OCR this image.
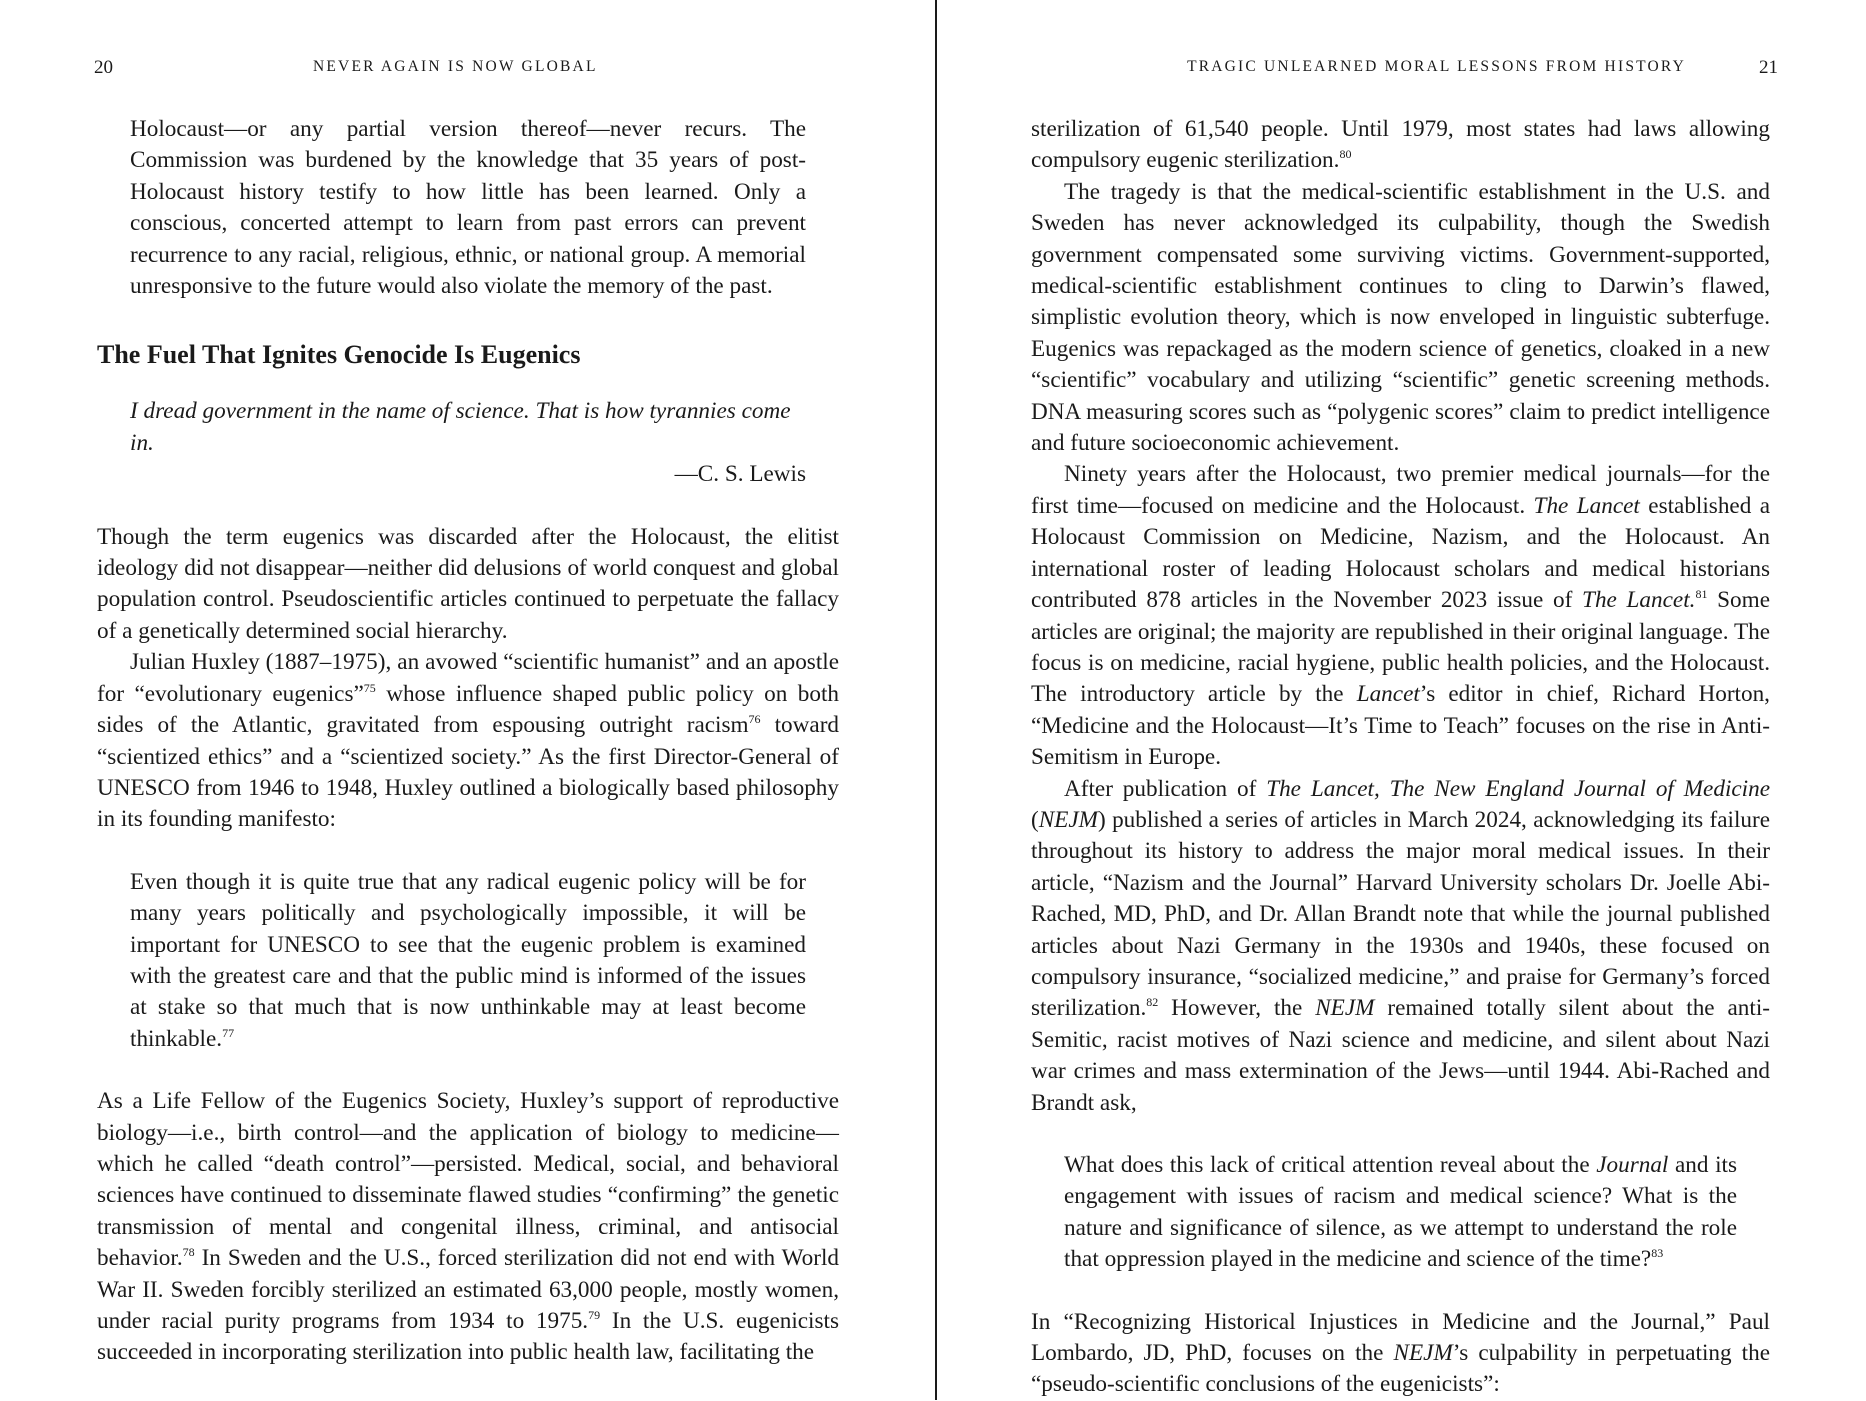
20	NEVER AGAIN IS NOW GLOBAL

Holocaust—or any partial version thereof—never recurs. The Commission was burdened by the knowledge that 35 years of post-Holocaust history testify to how little has been learned. Only a conscious, concerted attempt to learn from past errors can prevent recurrence to any racial, religious, ethnic, or national group. A memorial unresponsive to the future would also violate the memory of the past.

The Fuel That Ignites Genocide Is Eugenics

I dread government in the name of science. That is how tyrannies come in.

—C. S. Lewis

Though the term eugenics was discarded after the Holocaust, the elitist ideology did not disappear—neither did delusions of world conquest and global population control. Pseudoscientific articles continued to perpetuate the fallacy of a genetically determined social hierarchy.

Julian Huxley (1887–1975), an avowed “scientific humanist” and an apostle for “evolutionary eugenics”$^{75}$ whose influence shaped public policy on both sides of the Atlantic, gravitated from espousing outright racism$^{76}$ toward “scientized ethics” and a “scientized society.” As the first Director-General of UNESCO from 1946 to 1948, Huxley outlined a biologically based philosophy in its founding manifesto:

Even though it is quite true that any radical eugenic policy will be for many years politically and psychologically impossible, it will be important for UNESCO to see that the eugenic problem is examined with the greatest care and that the public mind is informed of the issues at stake so that much that is now unthinkable may at least become thinkable.$^{77}$

As a Life Fellow of the Eugenics Society, Huxley’s support of reproductive biology—i.e., birth control—and the application of biology to medicine—which he called “death control”—persisted. Medical, social, and behavioral sciences have continued to disseminate flawed studies “confirming” the genetic transmission of mental and congenital illness, criminal, and antisocial behavior.$^{78}$ In Sweden and the U.S., forced sterilization did not end with World War II. Sweden forcibly sterilized an estimated 63,000 people, mostly women, under racial purity programs from 1934 to 1975.79 In the U.S. eugenicists succeeded in incorporating sterilization into public health law, facilitating the

TRAGIC UNLEARNED MORAL LESSONS FROM HISTORY	21

sterilization of 61,540 people. Until 1979, most states had laws allowing compulsory eugenic sterilization.$^{80}$

The tragedy is that the medical-scientific establishment in the U.S. and Sweden has never acknowledged its culpability, though the Swedish government compensated some surviving victims. Government-supported, medical-scientific establishment continues to cling to Darwin’s flawed, simplistic evolution theory, which is now enveloped in linguistic subterfuge. Eugenics was repackaged as the modern science of genetics, cloaked in a new “scientific” vocabulary and utilizing “scientific” genetic screening methods. DNA measuring scores such as “polygenic scores” claim to predict intelligence and future socioeconomic achievement.

Ninety years after the Holocaust, two premier medical journals—for the first time—focused on medicine and the Holocaust. The Lancet established a Holocaust Commission on Medicine, Nazism, and the Holocaust. An international roster of leading Holocaust scholars and medical historians contributed 878 articles in the November 2023 issue of The Lancet.$^{81}$ Some articles are original; the majority are republished in their original language. The focus is on medicine, racial hygiene, public health policies, and the Holocaust. The introductory article by the Lancet’s editor in chief, Richard Horton, “Medicine and the Holocaust—It’s Time to Teach” focuses on the rise in Anti-Semitism in Europe.

After publication of The Lancet, The New England Journal of Medicine (NEJM) published a series of articles in March 2024, acknowledging its failure throughout its history to address the major moral medical issues. In their article, “Nazism and the Journal” Harvard University scholars Dr. Joelle Abi-Rached, MD, PhD, and Dr. Allan Brandt note that while the journal published articles about Nazi Germany in the 1930s and 1940s, these focused on compulsory insurance, “socialized medicine,” and praise for Germany’s forced sterilization.$^{82}$ However, the NEJM remained totally silent about the anti-Semitic, racist motives of Nazi science and medicine, and silent about Nazi war crimes and mass extermination of the Jews—until 1944. Abi-Rached and Brandt ask,

What does this lack of critical attention reveal about the Journal and its engagement with issues of racism and medical science? What is the nature and significance of silence, as we attempt to understand the role that oppression played in the medicine and science of the time?$^{83}$

In “Recognizing Historical Injustices in Medicine and the Journal,” Paul Lombardo, JD, PhD, focuses on the NEJM’s culpability in perpetuating the “pseudo-scientific conclusions of the eugenicists”:
